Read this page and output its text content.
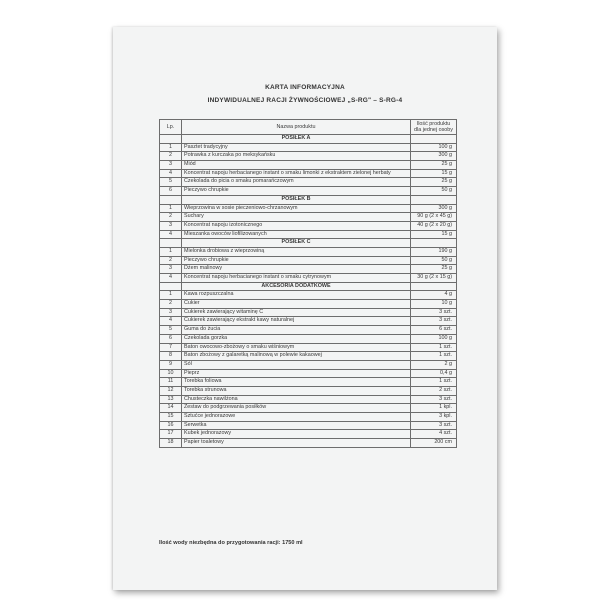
KARTA INFORMACYJNA
INDYWIDUALNEJ RACJI ŻYWNOŚCIOWEJ „S-RG" – S-RG-4
Lp.	Nazwa produktu	Ilość produktu dla jednej osoby
	POSIŁEK A	
1	Pasztet tradycyjny	100 g
2	Potrawka z kurczaka po meksykańsku	300 g
3	Miód	25 g
4	Koncentrat napoju herbacianego instant o smaku limonki z ekstraktem zielonej herbaty	15 g
5	Czekolada do picia o smaku pomarańczowym	25 g
6	Pieczywo chrupkie	50 g
	POSIŁEK B	
1	Wieprzowina w sosie pieczeniowo-chrzanowym	300 g
2	Suchary	90 g (2 x 45 g)
3	Koncentrat napoju izotonicznego	40 g (2 x 20 g)
4	Mieszanka owoców liofilizowanych	15 g
	POSIŁEK C	
1	Mielonka drobiowa z wieprzowiną	190 g
2	Pieczywo chrupkie	50 g
3	Dżem malinowy	25 g
4	Koncentrat napoju herbacianego instant o smaku cytrynowym	30 g (2 x 15 g)
	AKCESORIA DODATKOWE	
1	Kawa rozpuszczalna	4 g
2	Cukier	10 g
3	Cukierek zawierający witaminę C	3 szt.
4	Cukierek zawierający ekstrakt kawy naturalnej	3 szt.
5	Guma do żucia	6 szt.
6	Czekolada gorzka	100 g
7	Baton owocowo-zbożowy o smaku wiśniowym	1 szt.
8	Baton zbożowy z galaretką malinową w polewie kakaowej	1 szt.
9	Sól	2 g
10	Pieprz	0,4 g
11	Torebka foliowa	1 szt.
12	Torebka strunowa	2 szt.
13	Chusteczka nawilżona	3 szt.
14	Zestaw do podgrzewania posiłków	1 kpl.
15	Sztućce jednorazowe	3 kpl.
16	Serwetka	3 szt.
17	Kubek jednorazowy	4 szt.
18	Papier toaletowy	200 cm
Ilość wody niezbędna do przygotowania racji: 1750 ml
